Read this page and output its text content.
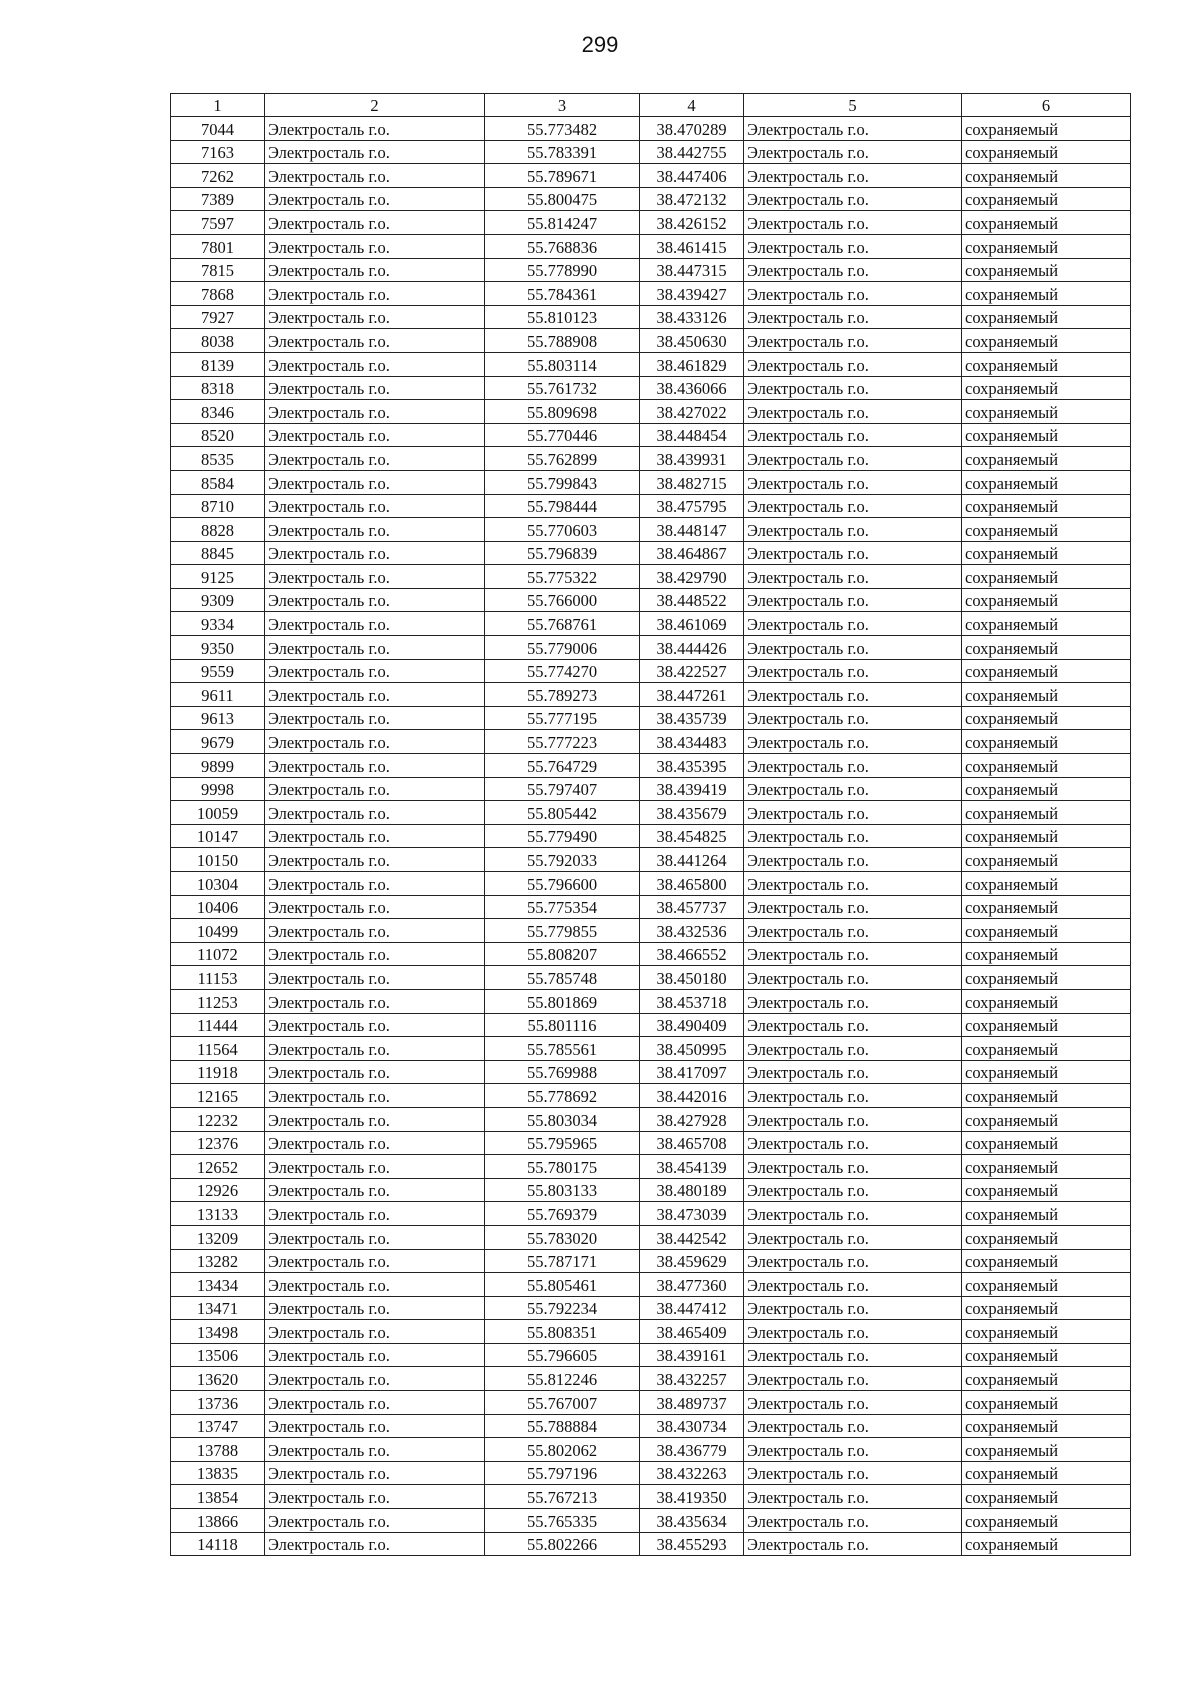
299
1	2	3	4	5	6
7044	Электросталь г.о.	55.773482	38.470289	Электросталь г.о.	сохраняемый
7163	Электросталь г.о.	55.783391	38.442755	Электросталь г.о.	сохраняемый
7262	Электросталь г.о.	55.789671	38.447406	Электросталь г.о.	сохраняемый
7389	Электросталь г.о.	55.800475	38.472132	Электросталь г.о.	сохраняемый
7597	Электросталь г.о.	55.814247	38.426152	Электросталь г.о.	сохраняемый
7801	Электросталь г.о.	55.768836	38.461415	Электросталь г.о.	сохраняемый
7815	Электросталь г.о.	55.778990	38.447315	Электросталь г.о.	сохраняемый
7868	Электросталь г.о.	55.784361	38.439427	Электросталь г.о.	сохраняемый
7927	Электросталь г.о.	55.810123	38.433126	Электросталь г.о.	сохраняемый
8038	Электросталь г.о.	55.788908	38.450630	Электросталь г.о.	сохраняемый
8139	Электросталь г.о.	55.803114	38.461829	Электросталь г.о.	сохраняемый
8318	Электросталь г.о.	55.761732	38.436066	Электросталь г.о.	сохраняемый
8346	Электросталь г.о.	55.809698	38.427022	Электросталь г.о.	сохраняемый
8520	Электросталь г.о.	55.770446	38.448454	Электросталь г.о.	сохраняемый
8535	Электросталь г.о.	55.762899	38.439931	Электросталь г.о.	сохраняемый
8584	Электросталь г.о.	55.799843	38.482715	Электросталь г.о.	сохраняемый
8710	Электросталь г.о.	55.798444	38.475795	Электросталь г.о.	сохраняемый
8828	Электросталь г.о.	55.770603	38.448147	Электросталь г.о.	сохраняемый
8845	Электросталь г.о.	55.796839	38.464867	Электросталь г.о.	сохраняемый
9125	Электросталь г.о.	55.775322	38.429790	Электросталь г.о.	сохраняемый
9309	Электросталь г.о.	55.766000	38.448522	Электросталь г.о.	сохраняемый
9334	Электросталь г.о.	55.768761	38.461069	Электросталь г.о.	сохраняемый
9350	Электросталь г.о.	55.779006	38.444426	Электросталь г.о.	сохраняемый
9559	Электросталь г.о.	55.774270	38.422527	Электросталь г.о.	сохраняемый
9611	Электросталь г.о.	55.789273	38.447261	Электросталь г.о.	сохраняемый
9613	Электросталь г.о.	55.777195	38.435739	Электросталь г.о.	сохраняемый
9679	Электросталь г.о.	55.777223	38.434483	Электросталь г.о.	сохраняемый
9899	Электросталь г.о.	55.764729	38.435395	Электросталь г.о.	сохраняемый
9998	Электросталь г.о.	55.797407	38.439419	Электросталь г.о.	сохраняемый
10059	Электросталь г.о.	55.805442	38.435679	Электросталь г.о.	сохраняемый
10147	Электросталь г.о.	55.779490	38.454825	Электросталь г.о.	сохраняемый
10150	Электросталь г.о.	55.792033	38.441264	Электросталь г.о.	сохраняемый
10304	Электросталь г.о.	55.796600	38.465800	Электросталь г.о.	сохраняемый
10406	Электросталь г.о.	55.775354	38.457737	Электросталь г.о.	сохраняемый
10499	Электросталь г.о.	55.779855	38.432536	Электросталь г.о.	сохраняемый
11072	Электросталь г.о.	55.808207	38.466552	Электросталь г.о.	сохраняемый
11153	Электросталь г.о.	55.785748	38.450180	Электросталь г.о.	сохраняемый
11253	Электросталь г.о.	55.801869	38.453718	Электросталь г.о.	сохраняемый
11444	Электросталь г.о.	55.801116	38.490409	Электросталь г.о.	сохраняемый
11564	Электросталь г.о.	55.785561	38.450995	Электросталь г.о.	сохраняемый
11918	Электросталь г.о.	55.769988	38.417097	Электросталь г.о.	сохраняемый
12165	Электросталь г.о.	55.778692	38.442016	Электросталь г.о.	сохраняемый
12232	Электросталь г.о.	55.803034	38.427928	Электросталь г.о.	сохраняемый
12376	Электросталь г.о.	55.795965	38.465708	Электросталь г.о.	сохраняемый
12652	Электросталь г.о.	55.780175	38.454139	Электросталь г.о.	сохраняемый
12926	Электросталь г.о.	55.803133	38.480189	Электросталь г.о.	сохраняемый
13133	Электросталь г.о.	55.769379	38.473039	Электросталь г.о.	сохраняемый
13209	Электросталь г.о.	55.783020	38.442542	Электросталь г.о.	сохраняемый
13282	Электросталь г.о.	55.787171	38.459629	Электросталь г.о.	сохраняемый
13434	Электросталь г.о.	55.805461	38.477360	Электросталь г.о.	сохраняемый
13471	Электросталь г.о.	55.792234	38.447412	Электросталь г.о.	сохраняемый
13498	Электросталь г.о.	55.808351	38.465409	Электросталь г.о.	сохраняемый
13506	Электросталь г.о.	55.796605	38.439161	Электросталь г.о.	сохраняемый
13620	Электросталь г.о.	55.812246	38.432257	Электросталь г.о.	сохраняемый
13736	Электросталь г.о.	55.767007	38.489737	Электросталь г.о.	сохраняемый
13747	Электросталь г.о.	55.788884	38.430734	Электросталь г.о.	сохраняемый
13788	Электросталь г.о.	55.802062	38.436779	Электросталь г.о.	сохраняемый
13835	Электросталь г.о.	55.797196	38.432263	Электросталь г.о.	сохраняемый
13854	Электросталь г.о.	55.767213	38.419350	Электросталь г.о.	сохраняемый
13866	Электросталь г.о.	55.765335	38.435634	Электросталь г.о.	сохраняемый
14118	Электросталь г.о.	55.802266	38.455293	Электросталь г.о.	сохраняемый
